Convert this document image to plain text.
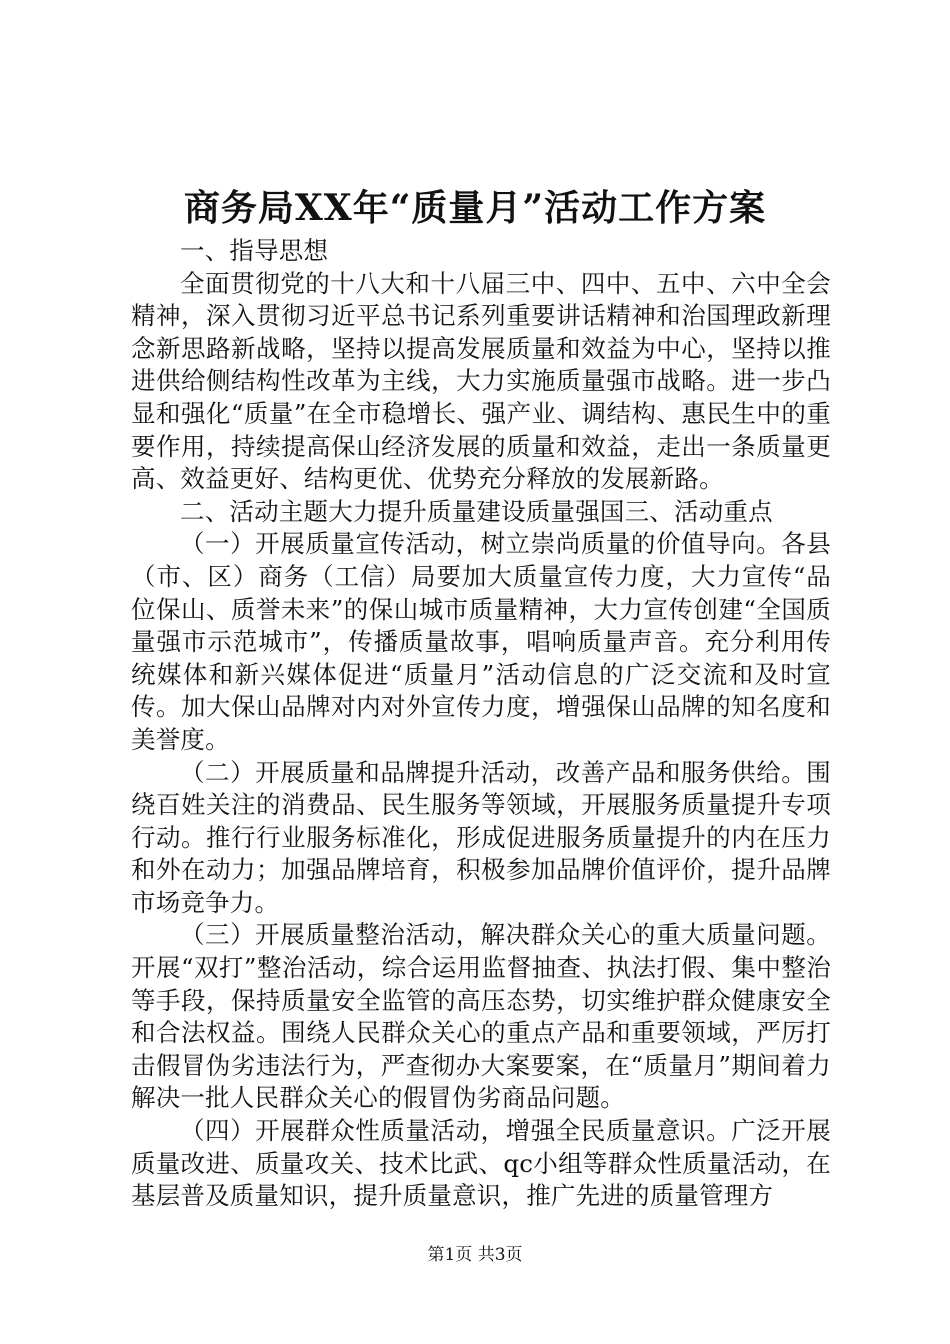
商务局XX年“质量月”活动工作方案

一、指导思想

全面贯彻党的十八大和十八届三中、四中、五中、六中全会精神，深入贯彻习近平总书记系列重要讲话精神和治国理政新理念新思路新战略，坚持以提高发展质量和效益为中心，坚持以推进供给侧结构性改革为主线，大力实施质量强市战略。进一步凸显和强化“质量”在全市稳增长、强产业、调结构、惠民生中的重要作用，持续提高保山经济发展的质量和效益，走出一条质量更高、效益更好、结构更优、优势充分释放的发展新路。

二、活动主题大力提升质量建设质量强国三、活动重点

（一）开展质量宣传活动，树立崇尚质量的价值导向。各县（市、区）商务（工信）局要加大质量宣传力度，大力宣传“品位保山、质誉未来”的保山城市质量精神，大力宣传创建“全国质量强市示范城市”，传播质量故事，唱响质量声音。充分利用传统媒体和新兴媒体促进“质量月”活动信息的广泛交流和及时宣传。加大保山品牌对内对外宣传力度，增强保山品牌的知名度和美誉度。

（二）开展质量和品牌提升活动，改善产品和服务供给。围绕百姓关注的消费品、民生服务等领域，开展服务质量提升专项行动。推行行业服务标准化，形成促进服务质量提升的内在压力和外在动力；加强品牌培育，积极参加品牌价值评价，提升品牌市场竞争力。

（三）开展质量整治活动，解决群众关心的重大质量问题。开展“双打”整治活动，综合运用监督抽查、执法打假、集中整治等手段，保持质量安全监管的高压态势，切实维护群众健康安全和合法权益。围绕人民群众关心的重点产品和重要领域，严厉打击假冒伪劣违法行为，严查彻办大案要案，在“质量月”期间着力解决一批人民群众关心的假冒伪劣商品问题。

（四）开展群众性质量活动，增强全民质量意识。广泛开展质量改进、质量攻关、技术比武、qc小组等群众性质量活动，在基层普及质量知识，提升质量意识，推广先进的质量管理方

第1页 共3页
